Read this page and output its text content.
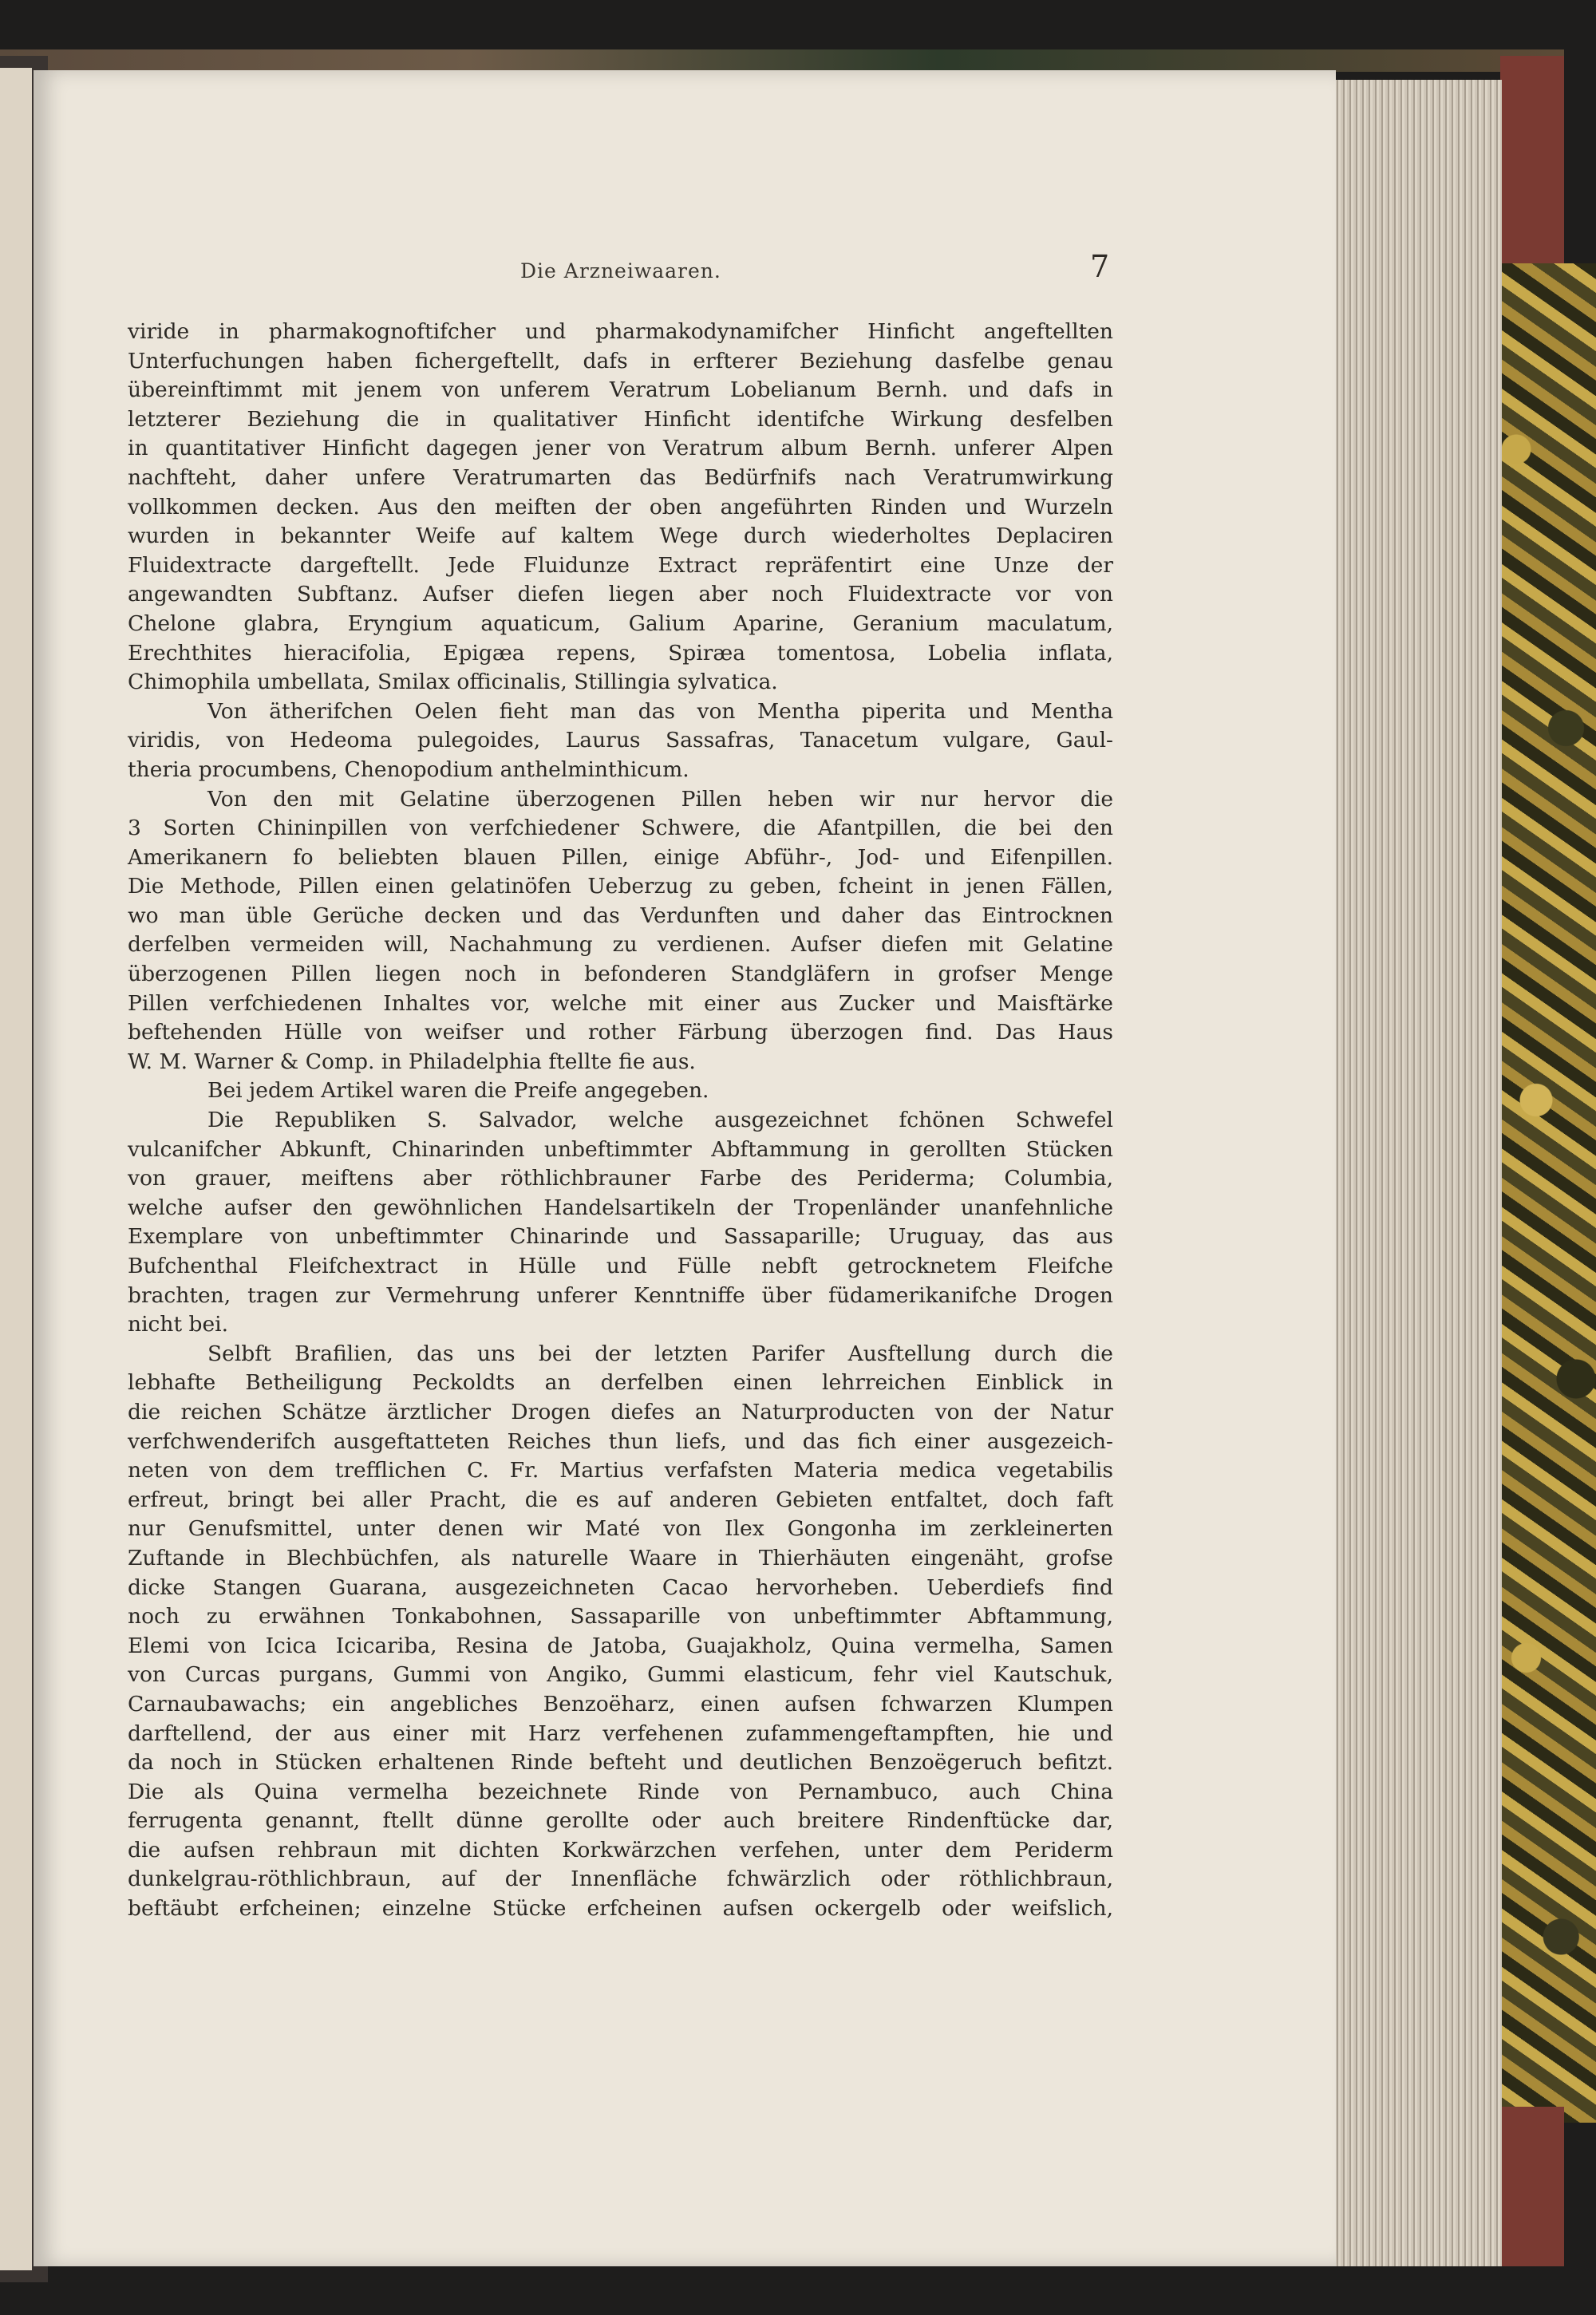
Die Arzneiwaaren.	7
viride in pharmakognoftifcher und pharmakodynamifcher Hinficht angeftellten
Unterfuchungen haben fichergeftellt, dafs in erfterer Beziehung dasfelbe genau
übereinftimmt mit jenem von unferem Veratrum Lobelianum Bernh. und dafs in
letzterer Beziehung die in qualitativer Hinficht identifche Wirkung desfelben
in quantitativer Hinficht dagegen jener von Veratrum album Bernh. unferer Alpen
nachfteht, daher unfere Veratrumarten das Bedürfnifs nach Veratrumwirkung
vollkommen decken. Aus den meiften der oben angeführten Rinden und Wurzeln
wurden in bekannter Weife auf kaltem Wege durch wiederholtes Deplaciren
Fluidextracte dargeftellt. Jede Fluidunze Extract repräfentirt eine Unze der
angewandten Subftanz. Aufser diefen liegen aber noch Fluidextracte vor von
Chelone glabra, Eryngium aquaticum, Galium Aparine, Geranium maculatum,
Erechthites hieracifolia, Epigæa repens, Spiræa tomentosa, Lobelia inflata,
Chimophila umbellata, Smilax officinalis, Stillingia sylvatica.
Von ätherifchen Oelen fieht man das von Mentha piperita und Mentha
viridis, von Hedeoma pulegoides, Laurus Sassafras, Tanacetum vulgare, Gaul-
theria procumbens, Chenopodium anthelminthicum.
Von den mit Gelatine überzogenen Pillen heben wir nur hervor die
3 Sorten Chininpillen von verfchiedener Schwere, die Afantpillen, die bei den
Amerikanern fo beliebten blauen Pillen, einige Abführ-, Jod- und Eifenpillen.
Die Methode, Pillen einen gelatinöfen Ueberzug zu geben, fcheint in jenen Fällen,
wo man üble Gerüche decken und das Verdunften und daher das Eintrocknen
derfelben vermeiden will, Nachahmung zu verdienen. Aufser diefen mit Gelatine
überzogenen Pillen liegen noch in befonderen Standgläfern in grofser Menge
Pillen verfchiedenen Inhaltes vor, welche mit einer aus Zucker und Maisftärke
beftehenden Hülle von weifser und rother Färbung überzogen find. Das Haus
W. M. Warner & Comp. in Philadelphia ftellte fie aus.
Bei jedem Artikel waren die Preife angegeben.
Die Republiken S. Salvador, welche ausgezeichnet fchönen Schwefel
vulcanifcher Abkunft, Chinarinden unbeftimmter Abftammung in gerollten Stücken
von grauer, meiftens aber röthlichbrauner Farbe des Periderma; Columbia,
welche aufser den gewöhnlichen Handelsartikeln der Tropenländer unanfehnliche
Exemplare von unbeftimmter Chinarinde und Sassaparille; Uruguay, das aus
Bufchenthal Fleifchextract in Hülle und Fülle nebft getrocknetem Fleifche
brachten, tragen zur Vermehrung unferer Kenntniffe über füdamerikanifche Drogen
nicht bei.
Selbft Brafilien, das uns bei der letzten Parifer Ausftellung durch die
lebhafte Betheiligung Peckoldts an derfelben einen lehrreichen Einblick in
die reichen Schätze ärztlicher Drogen diefes an Naturproducten von der Natur
verfchwenderifch ausgeftatteten Reiches thun liefs, und das fich einer ausgezeich-
neten von dem trefflichen C. Fr. Martius verfafsten Materia medica vegetabilis
erfreut, bringt bei aller Pracht, die es auf anderen Gebieten entfaltet, doch faft
nur Genufsmittel, unter denen wir Maté von Ilex Gongonha im zerkleinerten
Zuftande in Blechbüchfen, als naturelle Waare in Thierhäuten eingenäht, grofse
dicke Stangen Guarana, ausgezeichneten Cacao hervorheben. Ueberdiefs find
noch zu erwähnen Tonkabohnen, Sassaparille von unbeftimmter Abftammung,
Elemi von Icica Icicariba, Resina de Jatoba, Guajakholz, Quina vermelha, Samen
von Curcas purgans, Gummi von Angiko, Gummi elasticum, fehr viel Kautschuk,
Carnaubawachs; ein angebliches Benzoëharz, einen aufsen fchwarzen Klumpen
darftellend, der aus einer mit Harz verfehenen zufammengeftampften, hie und
da noch in Stücken erhaltenen Rinde befteht und deutlichen Benzoëgeruch befitzt.
Die als Quina vermelha bezeichnete Rinde von Pernambuco, auch China
ferrugenta genannt, ftellt dünne gerollte oder auch breitere Rindenftücke dar,
die aufsen rehbraun mit dichten Korkwärzchen verfehen, unter dem Periderm
dunkelgrau-röthlichbraun, auf der Innenfläche fchwärzlich oder röthlichbraun,
beftäubt erfcheinen; einzelne Stücke erfcheinen aufsen ockergelb oder weifslich,
